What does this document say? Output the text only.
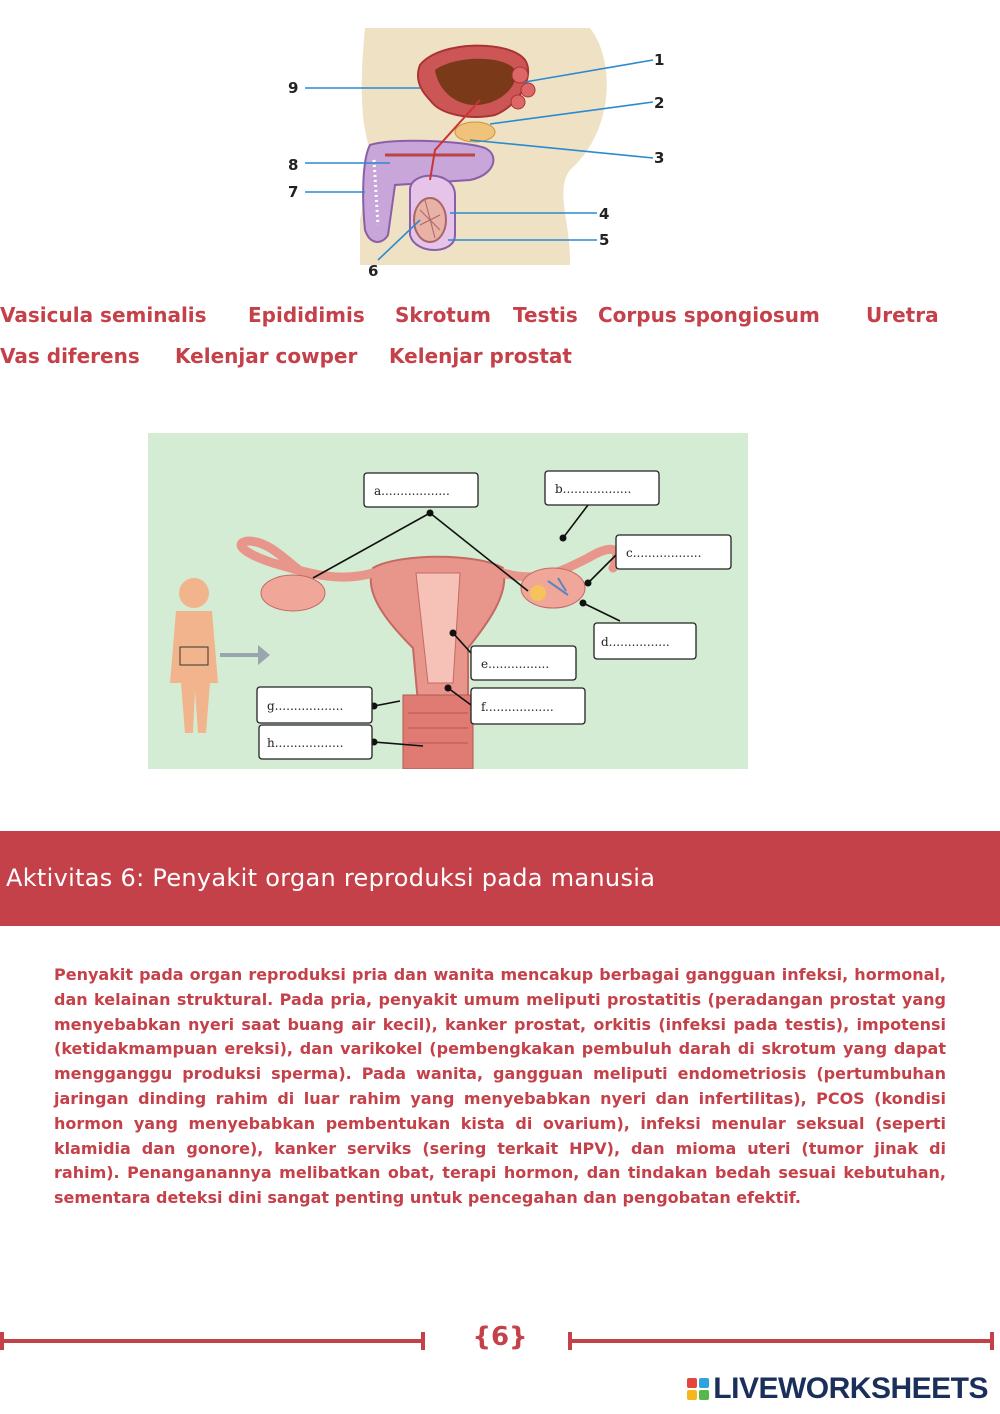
1
2
3
4
5
6
7
8
9
Vasicula seminalis Epididimis Skrotum Testis Corpus spongiosum Uretra
Vas diferens Kelenjar cowper Kelenjar prostat
a..................	b..................
c..................
d................
e................
f..................
g..................
h..................
Aktivitas 6: Penyakit organ reproduksi pada manusia

Penyakit pada organ reproduksi pria dan wanita mencakup berbagai gangguan infeksi, hormonal, dan kelainan struktural. Pada pria, penyakit umum meliputi prostatitis (peradangan prostat yang menyebabkan nyeri saat buang air kecil), kanker prostat, orkitis (infeksi pada testis), impotensi (ketidakmampuan ereksi), dan varikokel (pembengkakan pembuluh darah di skrotum yang dapat mengganggu produksi sperma). Pada wanita, gangguan meliputi endometriosis (pertumbuhan jaringan dinding rahim di luar rahim yang menyebabkan nyeri dan infertilitas), PCOS (kondisi hormon yang menyebabkan pembentukan kista di ovarium), infeksi menular seksual (seperti klamidia dan gonore), kanker serviks (sering terkait HPV), dan mioma uteri (tumor jinak di rahim). Penanganannya melibatkan obat, terapi hormon, dan tindakan bedah sesuai kebutuhan, sementara deteksi dini sangat penting untuk pencegahan dan pengobatan efektif.

{6}
LIVEWORKSHEETS
